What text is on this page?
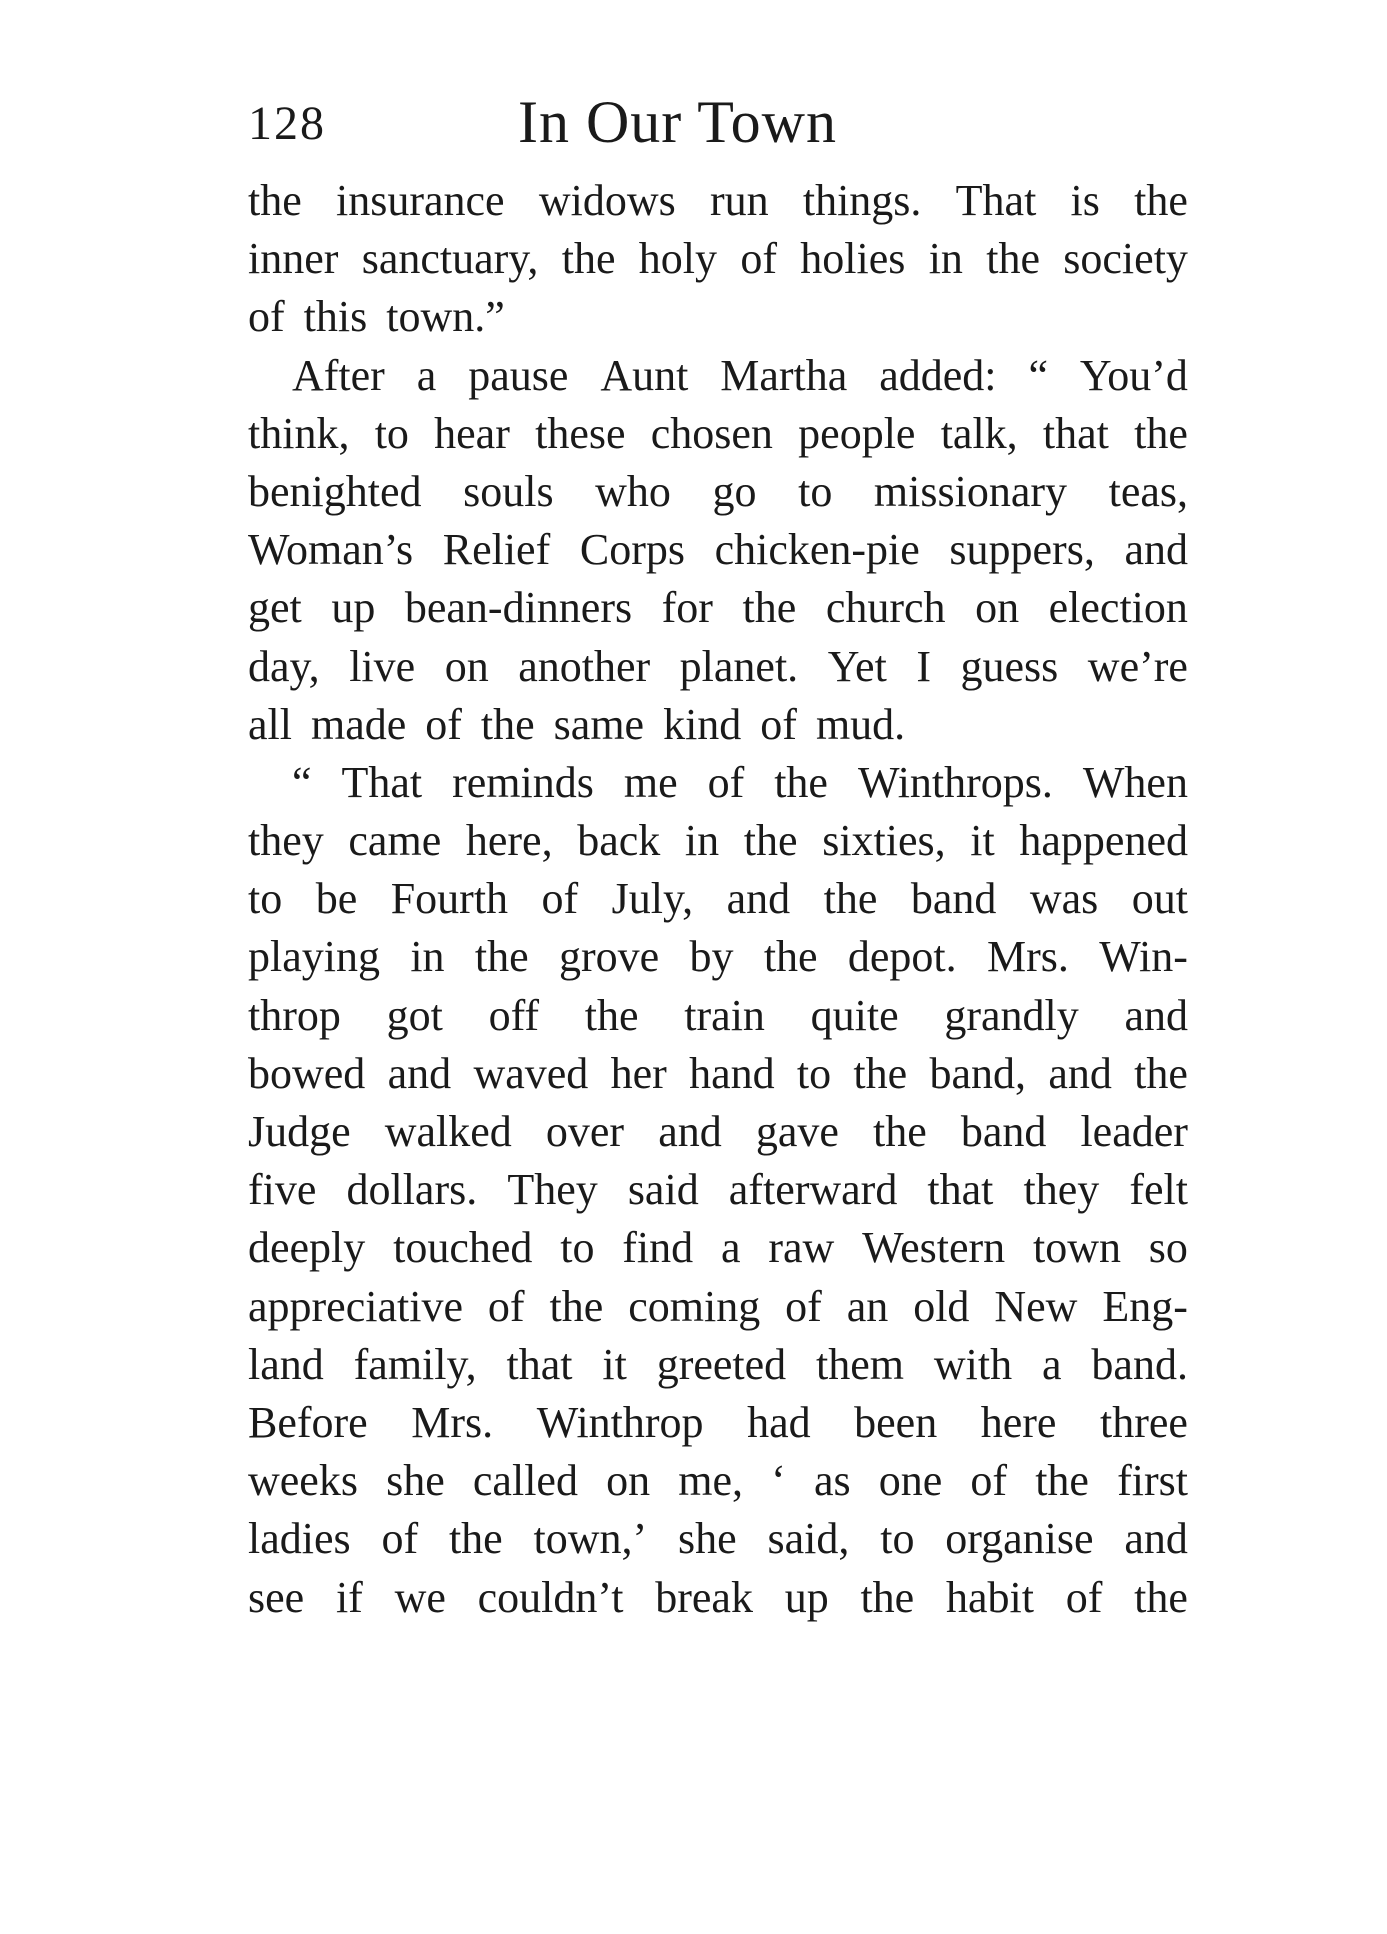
128	In Our Town
the insurance widows run things. That is the
inner sanctuary, the holy of holies in the society
of this town.”
After a pause Aunt Martha added: “ You’d
think, to hear these chosen people talk, that the
benighted souls who go to missionary teas,
Woman’s Relief Corps chicken-pie suppers, and
get up bean-dinners for the church on election
day, live on another planet. Yet I guess we’re
all made of the same kind of mud.
“ That reminds me of the Winthrops. When
they came here, back in the sixties, it happened
to be Fourth of July, and the band was out
playing in the grove by the depot. Mrs. Win-
throp got off the train quite grandly and
bowed and waved her hand to the band, and the
Judge walked over and gave the band leader
five dollars. They said afterward that they felt
deeply touched to find a raw Western town so
appreciative of the coming of an old New Eng-
land family, that it greeted them with a band.
Before Mrs. Winthrop had been here three
weeks she called on me, ‘ as one of the first
ladies of the town,’ she said, to organise and
see if we couldn’t break up the habit of the
